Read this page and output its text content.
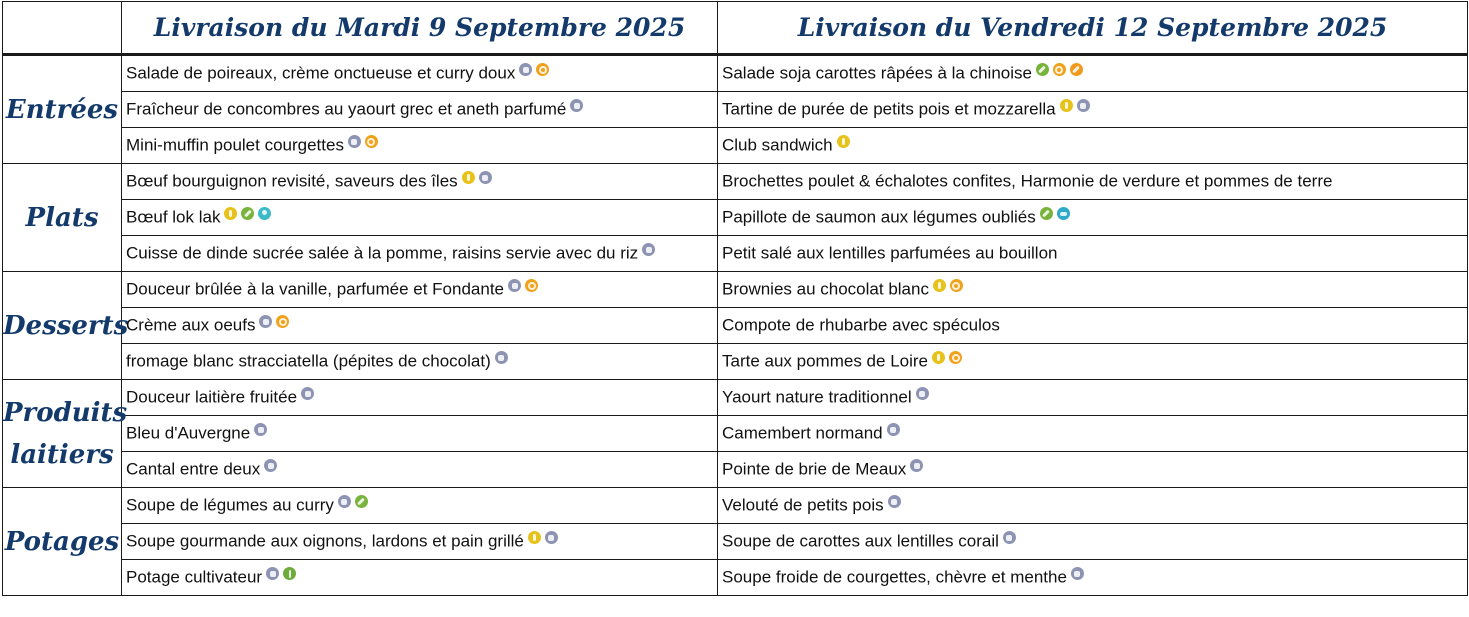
	Livraison du Mardi 9 Septembre 2025	Livraison du Vendredi 12 Septembre 2025
Entrées	Salade de poireaux, crème onctueuse et curry doux	Salade soja carottes râpées à la chinoise
	Fraîcheur de concombres au yaourt grec et aneth parfumé	Tartine de purée de petits pois et mozzarella
	Mini-muffin poulet courgettes	Club sandwich
Plats	Bœuf bourguignon revisité, saveurs des îles	Brochettes poulet & échalotes confites, Harmonie de verdure et pommes de terre
	Bœuf lok lak	Papillote de saumon aux légumes oubliés
	Cuisse de dinde sucrée salée à la pomme, raisins servie avec du riz	Petit salé aux lentilles parfumées au bouillon
Desserts	Douceur brûlée à la vanille, parfumée et Fondante	Brownies au chocolat blanc
	Crème aux oeufs	Compote de rhubarbe avec spéculos
	fromage blanc stracciatella (pépites de chocolat)	Tarte aux pommes de Loire
Produits laitiers	Douceur laitière fruitée	Yaourt nature traditionnel
	Bleu d'Auvergne	Camembert normand
	Cantal entre deux	Pointe de brie de Meaux
Potages	Soupe de légumes au curry	Velouté de petits pois
	Soupe gourmande aux oignons, lardons et pain grillé	Soupe de carottes aux lentilles corail
	Potage cultivateur	Soupe froide de courgettes, chèvre et menthe
